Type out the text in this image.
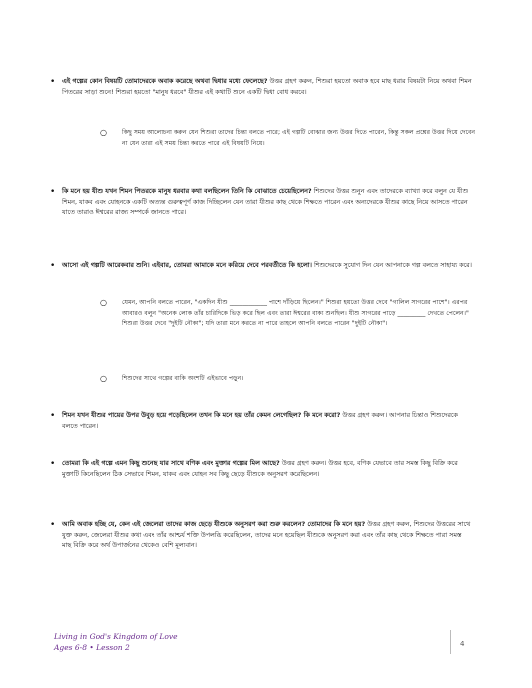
• এই গল্পের কোন বিষয়টি তোমাদেরকে অবাক করেছে অথবা দ্বিধার মধ্যে ফেলেছে? উত্তর গ্রহণ করুন, শিশুরা হয়তো অবাক হবে মাছ ধরার বিষয়টা নিয়ে অথবা শিমন পিতরের সাড়া শুনে! শিশুরা হয়তো "মানুষ ধরবে" যীশুর এই কথাটি শুনে একটি দ্বিধা বোধ করবে।

○ কিছু সময় আলোচনা করুন যেন শিশুরা তাদের চিন্তা বলতে পারে; এই গল্পটি বোঝার জন্য উত্তর দিতে পারেন, কিন্তু সকল প্রশ্নের উত্তর দিয়ে দেবেন না যেন তারা এই সময় চিন্তা করতে পারে এই বিষয়টি নিয়ে।

• কি মনে হয় যীশু যখন শিমন পিতরকে মানুষ ধরবার কথা বলছিলেন তিনি কি বোঝাতে চেয়েছিলেন? শিশুদের উত্তর শুনুন এবং তাদেরকে ব্যাখ্যা করে বলুন যে যীশু শিমন, যাকব এবং যোহনকে একটি অত্যন্ত গুরুত্বপূর্ণ কাজ দিচ্ছিলেন যেন তারা যীশুর কাছ থেকে শিক্ষতে পারেন এবং অন্যদেরকে যীশুর কাছে নিয়ে আসতে পারেন যাতে তারাও ঈশ্বরের রাজ্য সম্পর্কে জানতে পারে।

• আসো এই গল্পটি আরেকবার শুনি। এইবার, তোমরা আমাকে মনে করিয়ে দেবে পরবর্তীতে কি হলো। শিশুদেরকে সুযোগ দিন যেন আপনাকে গল্প বলতে সাহায্য করে।

○ যেমন, আপনি বলতে পারেন, "একদিন যীশু ____________ পাশে দাঁড়িয়ে ছিলেন।" শিশুরা হয়তো উত্তর দেবে "গালিল সাগরের পাশে"। এরপর আবারও বলুন "অনেক লোক তাঁর চারিদিকে ভিড় করে ছিল এবং তারা ঈশ্বরের বাক্য শুনছিল। যীশু সাগরের পাড়ে _________ দেখতে পেলেন।" শিশুরা উত্তর দেবে "দুইটি নৌকা"; যদি তারা মনে করতে না পারে তাহলে আপনি বলতে পারেন "দুইটি নৌকা"।

○ শিশুদের সাথে গল্পের বাকি অংশটি এইভাবে পড়ুন।

• শিমন যখন যীশুর পায়ের উপর উবুড় হয়ে পড়েছিলেন তখন কি মনে হয় তাঁর কেমন লেগেছিল? কি মনে করো? উত্তর গ্রহণ করুন। আপনার চিন্তাও শিশুদেরকে বলতে পারেন।

• তোমরা কি এই গল্পে এমন কিছু শুনেছ যার সাথে বণিক এবং মুক্তার গল্পের মিল আছে? উত্তর গ্রহণ করুন। উত্তর হবে, বণিক যেভাবে তার সমস্ত কিছু বিক্রি করে মুক্তাটি কিনেছিলেন ঠিক সেভাবে শিমন, যাকব এবং যোহন সব কিছু ছেড়ে যীশুকে অনুসরণ করেছিলেন।

• আমি অবাক হচ্ছি যে, কেন এই জেলেরা তাদের কাজ ছেড়ে যীশুকে অনুসরণ করা শুরু করলেন? তোমাদের কি মনে হয়? উত্তর গ্রহণ করুন, শিশুদের উত্তরের সাথে যুক্ত করুন, জেলেরা যীশুর কথা এবং তাঁর আশ্চর্য শক্তি উপলব্ধি করেছিলেন, তাদের মনে হয়েছিল যীশুকে অনুসরণ করা এবং তাঁর কাছ থেকে শিক্ষতে পারা সমস্ত মাছ বিক্রি করে অর্থ উপার্জনের থেকেও বেশি মূল্যবান।

Living in God's Kingdom of Love
Ages 6-8 • Lesson 2	4
